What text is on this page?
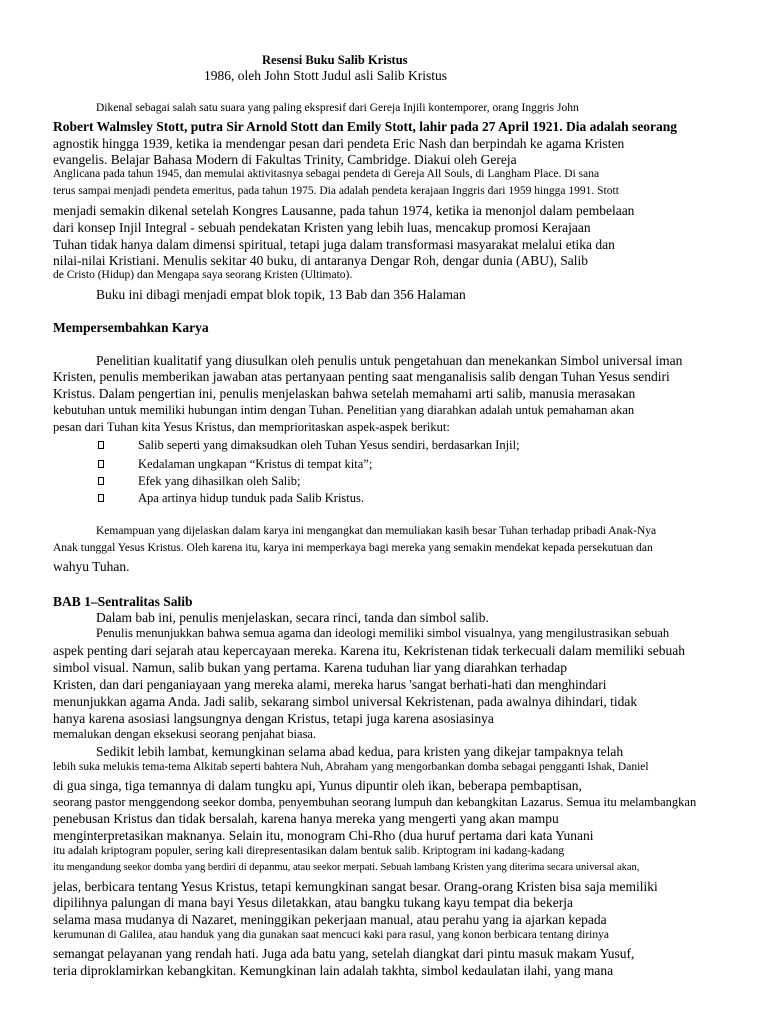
Resensi Buku Salib Kristus
1986, oleh John Stott Judul asli Salib Kristus
Dikenal sebagai salah satu suara yang paling ekspresif dari Gereja Injili kontemporer, orang Inggris John
Robert Walmsley Stott, putra Sir Arnold Stott dan Emily Stott, lahir pada 27 April 1921. Dia adalah seorang
agnostik hingga 1939, ketika ia mendengar pesan dari pendeta Eric Nash dan berpindah ke agama Kristen
evangelis. Belajar Bahasa Modern di Fakultas Trinity, Cambridge. Diakui oleh Gereja
Anglicana pada tahun 1945, dan memulai aktivitasnya sebagai pendeta di Gereja All Souls, di Langham Place. Di sana
terus sampai menjadi pendeta emeritus, pada tahun 1975. Dia adalah pendeta kerajaan Inggris dari 1959 hingga 1991. Stott
menjadi semakin dikenal setelah Kongres Lausanne, pada tahun 1974, ketika ia menonjol dalam pembelaan
dari konsep Injil Integral - sebuah pendekatan Kristen yang lebih luas, mencakup promosi Kerajaan
Tuhan tidak hanya dalam dimensi spiritual, tetapi juga dalam transformasi masyarakat melalui etika dan
nilai-nilai Kristiani. Menulis sekitar 40 buku, di antaranya Dengar Roh, dengar dunia (ABU), Salib
de Cristo (Hidup) dan Mengapa saya seorang Kristen (Ultimato).
Buku ini dibagi menjadi empat blok topik, 13 Bab dan 356 Halaman
Mempersembahkan Karya
Penelitian kualitatif yang diusulkan oleh penulis untuk pengetahuan dan menekankan Simbol universal iman
Kristen, penulis memberikan jawaban atas pertanyaan penting saat menganalisis salib dengan Tuhan Yesus sendiri
Kristus. Dalam pengertian ini, penulis menjelaskan bahwa setelah memahami arti salib, manusia merasakan
kebutuhan untuk memiliki hubungan intim dengan Tuhan. Penelitian yang diarahkan adalah untuk pemahaman akan
pesan dari Tuhan kita Yesus Kristus, dan memprioritaskan aspek-aspek berikut:
Salib seperti yang dimaksudkan oleh Tuhan Yesus sendiri, berdasarkan Injil;
Kedalaman ungkapan “Kristus di tempat kita”;
Efek yang dihasilkan oleh Salib;
Apa artinya hidup tunduk pada Salib Kristus.
Kemampuan yang dijelaskan dalam karya ini mengangkat dan memuliakan kasih besar Tuhan terhadap pribadi Anak-Nya
Anak tunggal Yesus Kristus. Oleh karena itu, karya ini memperkaya bagi mereka yang semakin mendekat kepada persekutuan dan
wahyu Tuhan.
BAB 1–Sentralitas Salib
Dalam bab ini, penulis menjelaskan, secara rinci, tanda dan simbol salib.
Penulis menunjukkan bahwa semua agama dan ideologi memiliki simbol visualnya, yang mengilustrasikan sebuah
aspek penting dari sejarah atau kepercayaan mereka. Karena itu, Kekristenan tidak terkecuali dalam memiliki sebuah
simbol visual. Namun, salib bukan yang pertama. Karena tuduhan liar yang diarahkan terhadap
Kristen, dan dari penganiayaan yang mereka alami, mereka harus 'sangat berhati-hati dan menghindari
menunjukkan agama Anda. Jadi salib, sekarang simbol universal Kekristenan, pada awalnya dihindari, tidak
hanya karena asosiasi langsungnya dengan Kristus, tetapi juga karena asosiasinya
memalukan dengan eksekusi seorang penjahat biasa.
Sedikit lebih lambat, kemungkinan selama abad kedua, para kristen yang dikejar tampaknya telah
lebih suka melukis tema-tema Alkitab seperti bahtera Nuh, Abraham yang mengorbankan domba sebagai pengganti Ishak, Daniel
di gua singa, tiga temannya di dalam tungku api, Yunus dipuntir oleh ikan, beberapa pembaptisan,
seorang pastor menggendong seekor domba, penyembuhan seorang lumpuh dan kebangkitan Lazarus. Semua itu melambangkan
penebusan Kristus dan tidak bersalah, karena hanya mereka yang mengerti yang akan mampu
menginterpretasikan maknanya. Selain itu, monogram Chi-Rho (dua huruf pertama dari kata Yunani
itu adalah kriptogram populer, sering kali direpresentasikan dalam bentuk salib. Kriptogram ini kadang-kadang
itu mengandung seekor domba yang berdiri di depanmu, atau seekor merpati. Sebuah lambang Kristen yang diterima secara universal akan,
jelas, berbicara tentang Yesus Kristus, tetapi kemungkinan sangat besar. Orang-orang Kristen bisa saja memiliki
dipilihnya palungan di mana bayi Yesus diletakkan, atau bangku tukang kayu tempat dia bekerja
selama masa mudanya di Nazaret, meninggikan pekerjaan manual, atau perahu yang ia ajarkan kepada
kerumunan di Galilea, atau handuk yang dia gunakan saat mencuci kaki para rasul, yang konon berbicara tentang dirinya
semangat pelayanan yang rendah hati. Juga ada batu yang, setelah diangkat dari pintu masuk makam Yusuf,
teria diproklamirkan kebangkitan. Kemungkinan lain adalah takhta, simbol kedaulatan ilahi, yang mana
